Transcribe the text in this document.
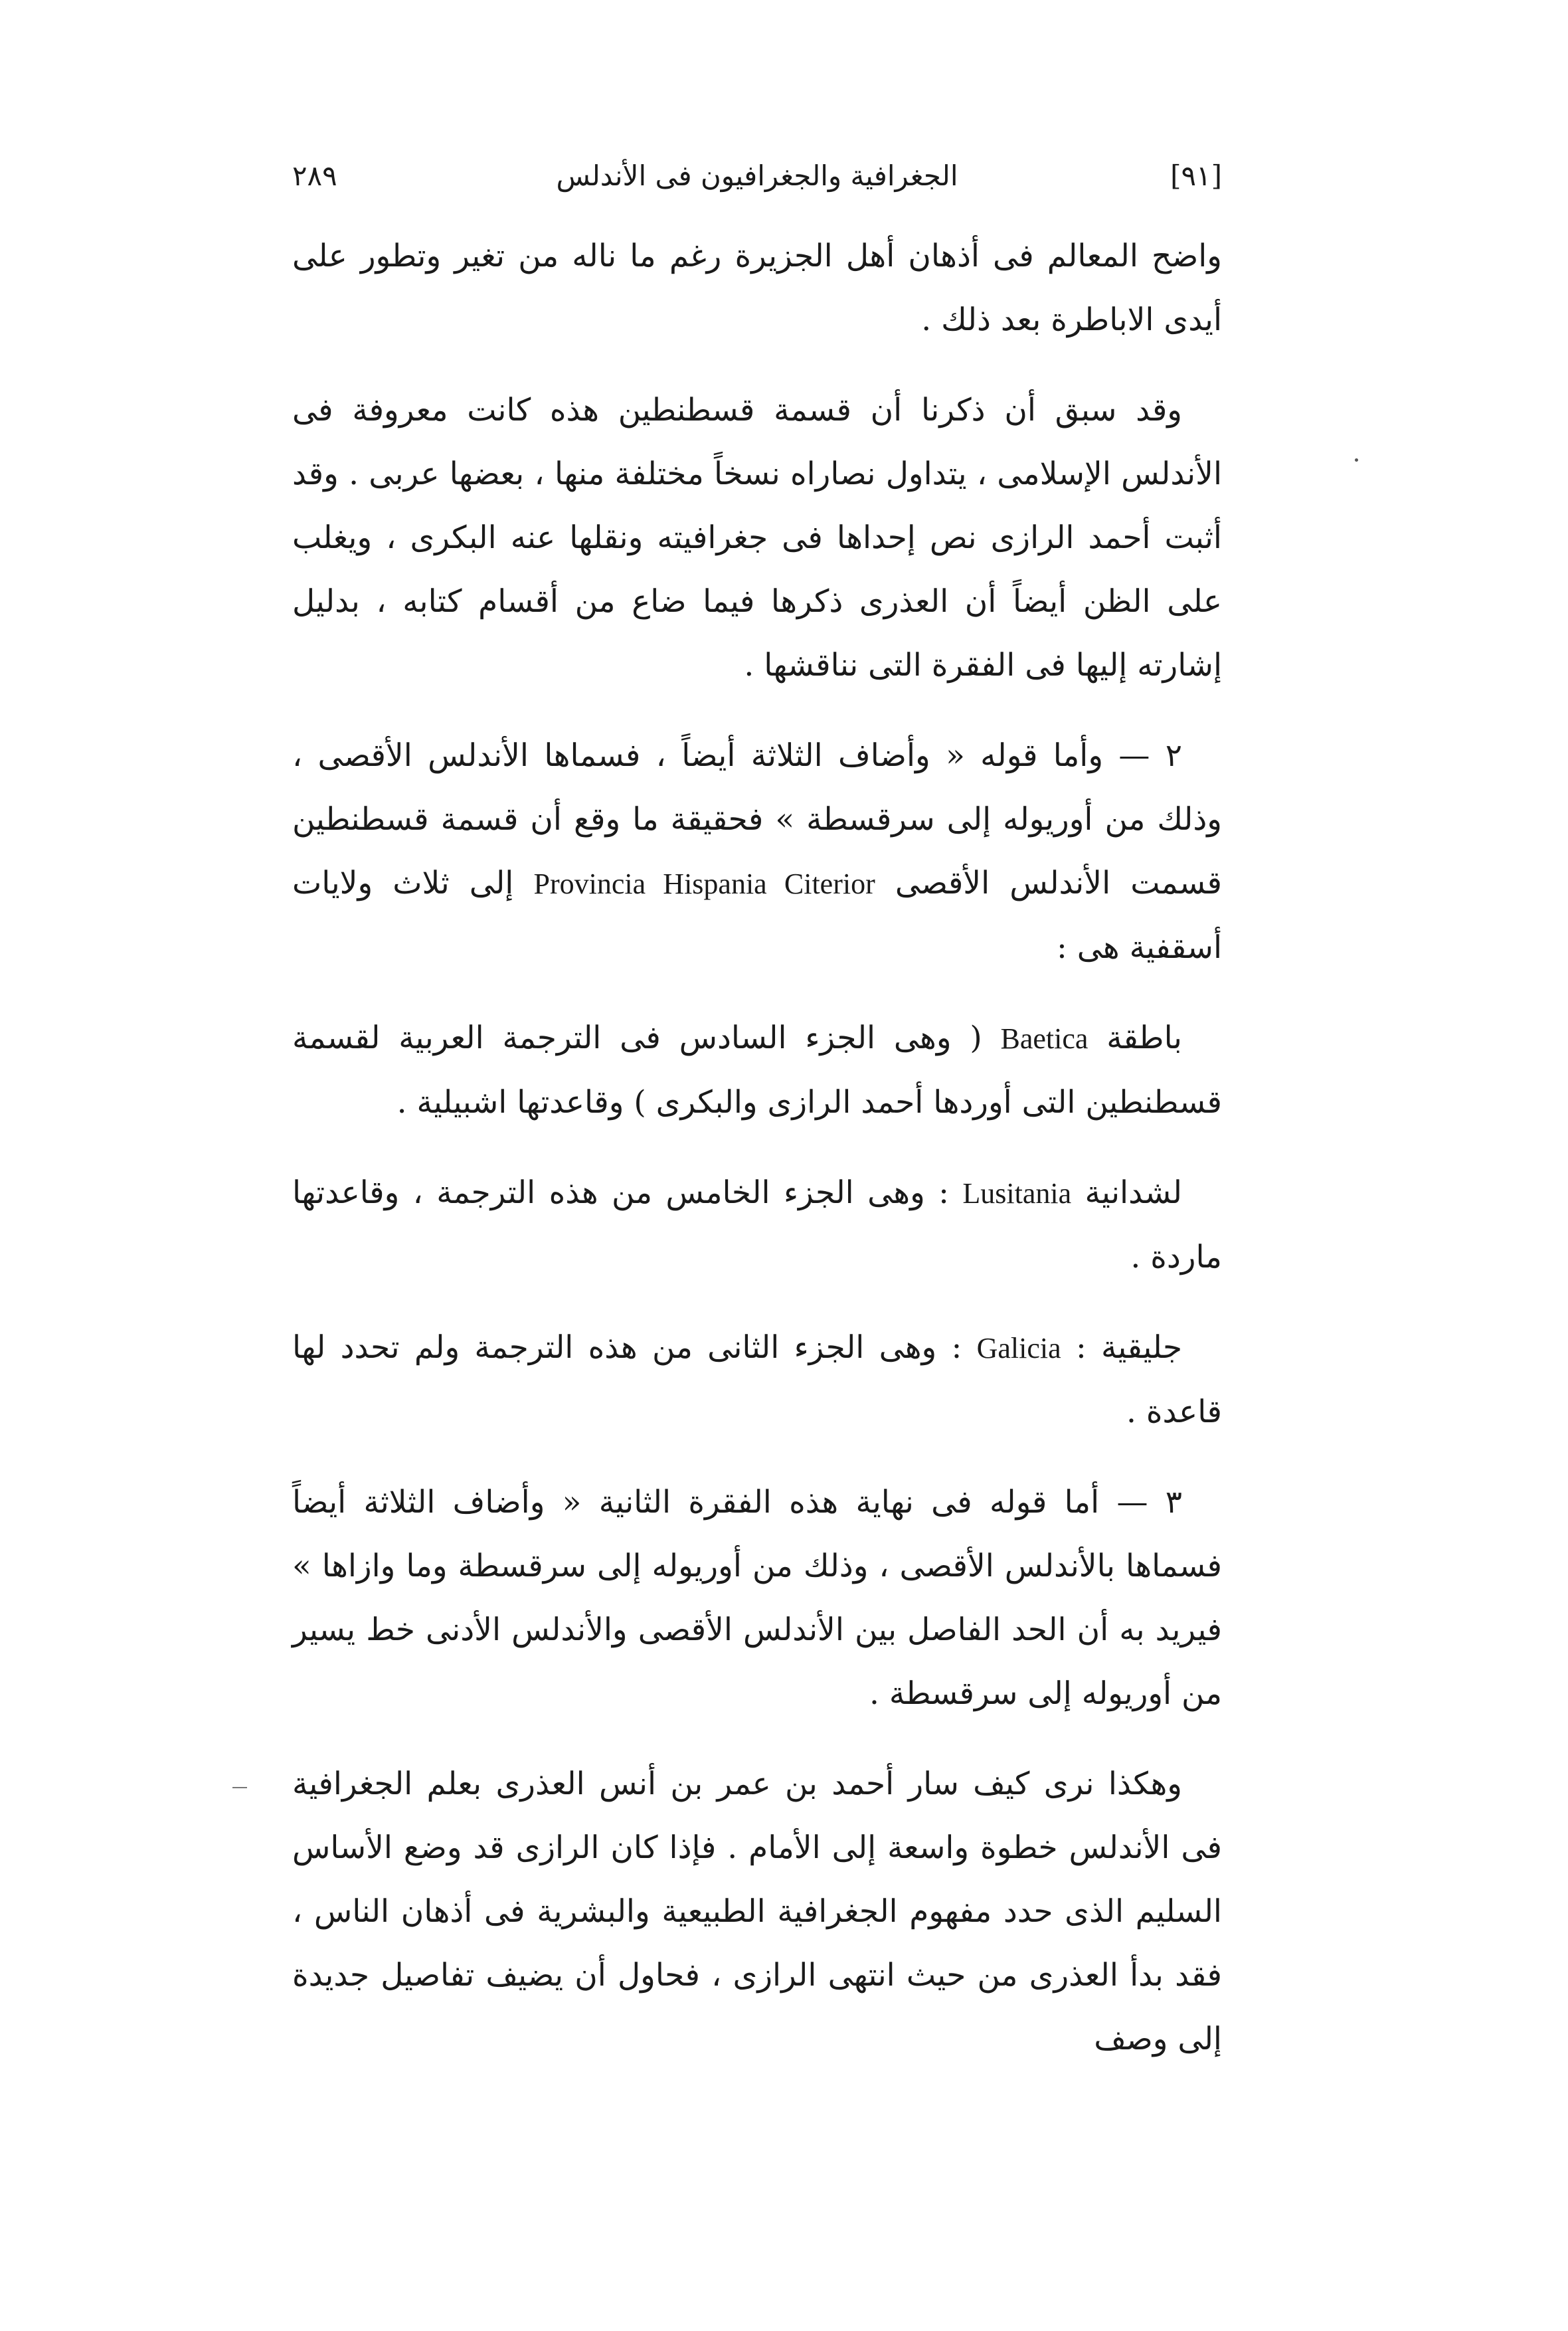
[٩١]
الجغرافية والجغرافيون فى الأندلس
٢٨٩

واضح المعالم فى أذهان أهل الجزيرة رغم ما ناله من تغير وتطور على أيدى الاباطرة بعد ذلك .

وقد سبق أن ذكرنا أن قسمة قسطنطين هذه كانت معروفة فى الأندلس الإسلامى ، يتداول نصاراه نسخاً مختلفة منها ، بعضها عربى . وقد أثبت أحمد الرازى نص إحداها فى جغرافيته ونقلها عنه البكرى ، ويغلب على الظن أيضاً أن العذرى ذكرها فيما ضاع من أقسام كتابه ، بدليل إشارته إليها فى الفقرة التى نناقشها .

٢ — وأما قوله « وأضاف الثلاثة أيضاً ، فسماها الأندلس الأقصى ، وذلك من أوريوله إلى سرقسطة » فحقيقة ما وقع أن قسمة قسطنطين قسمت الأندلس الأقصى Provincia Hispania Citerior إلى ثلاث ولايات أسقفية هى :

باطقة Baetica ( وهى الجزء السادس فى الترجمة العربية لقسمة قسطنطين التى أوردها أحمد الرازى والبكرى ) وقاعدتها اشبيلية .

لشدانية Lusitania : وهى الجزء الخامس من هذه الترجمة ، وقاعدتها ماردة .

جليقية : Galicia : وهى الجزء الثانى من هذه الترجمة ولم تحدد لها قاعدة .

٣ — أما قوله فى نهاية هذه الفقرة الثانية « وأضاف الثلاثة أيضاً فسماها بالأندلس الأقصى ، وذلك من أوريوله إلى سرقسطة وما وازاها » فيريد به أن الحد الفاصل بين الأندلس الأقصى والأندلس الأدنى خط يسير من أوريوله إلى سرقسطة .

وهكذا نرى كيف سار أحمد بن عمر بن أنس العذرى بعلم الجغرافية فى الأندلس خطوة واسعة إلى الأمام . فإذا كان الرازى قد وضع الأساس السليم الذى حدد مفهوم الجغرافية الطبيعية والبشرية فى أذهان الناس ، فقد بدأ العذرى من حيث انتهى الرازى ، فحاول أن يضيف تفاصيل جديدة إلى وصف
